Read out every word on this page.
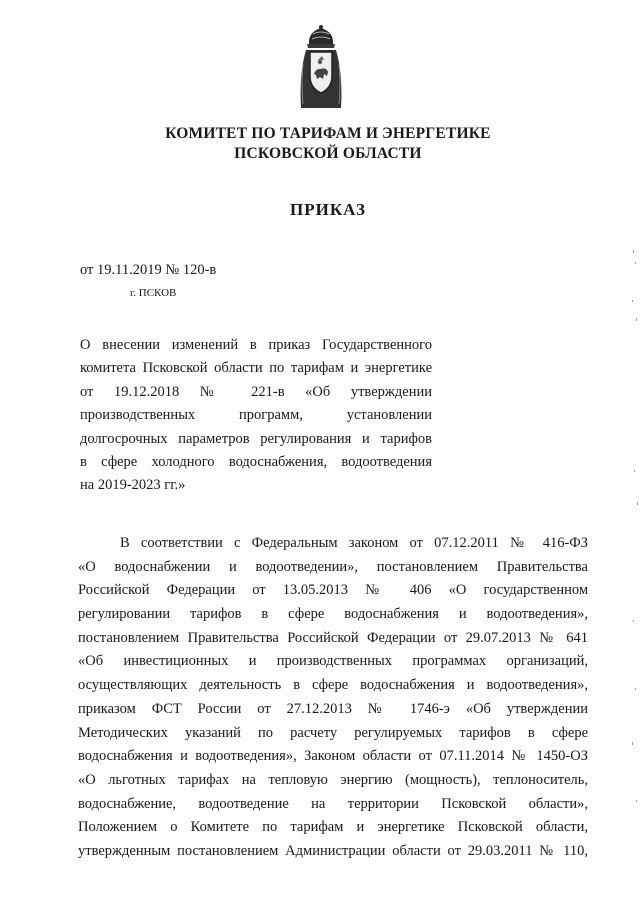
КОМИТЕТ ПО ТАРИФАМ И ЭНЕРГЕТИКЕ
ПСКОВСКОЙ ОБЛАСТИ
ПРИКАЗ
от 19.11.2019 № 120-в
г. ПСКОВ
О внесении изменений в приказ Государственного
комитета Псковской области по тарифам и энергетике
от 19.12.2018 № 221-в «Об утверждении
производственных программ, установлении
долгосрочных параметров регулирования и тарифов
в сфере холодного водоснабжения, водоотведения
на 2019-2023 гг.»
В соответствии с Федеральным законом от 07.12.2011 № 416-ФЗ
«О водоснабжении и водоотведении», постановлением Правительства
Российской Федерации от 13.05.2013 № 406 «О государственном
регулировании тарифов в сфере водоснабжения и водоотведения»,
постановлением Правительства Российской Федерации от 29.07.2013 № 641
«Об инвестиционных и производственных программах организаций,
осуществляющих деятельность в сфере водоснабжения и водоотведения»,
приказом ФСТ России от 27.12.2013 № 1746-э «Об утверждении
Методических указаний по расчету регулируемых тарифов в сфере
водоснабжения и водоотведения», Законом области от 07.11.2014 № 1450-ОЗ
«О льготных тарифах на тепловую энергию (мощность), теплоноситель,
водоснабжение, водоотведение на территории Псковской области»,
Положением о Комитете по тарифам и энергетике Псковской области,
утвержденным постановлением Администрации области от 29.03.2011 № 110,
